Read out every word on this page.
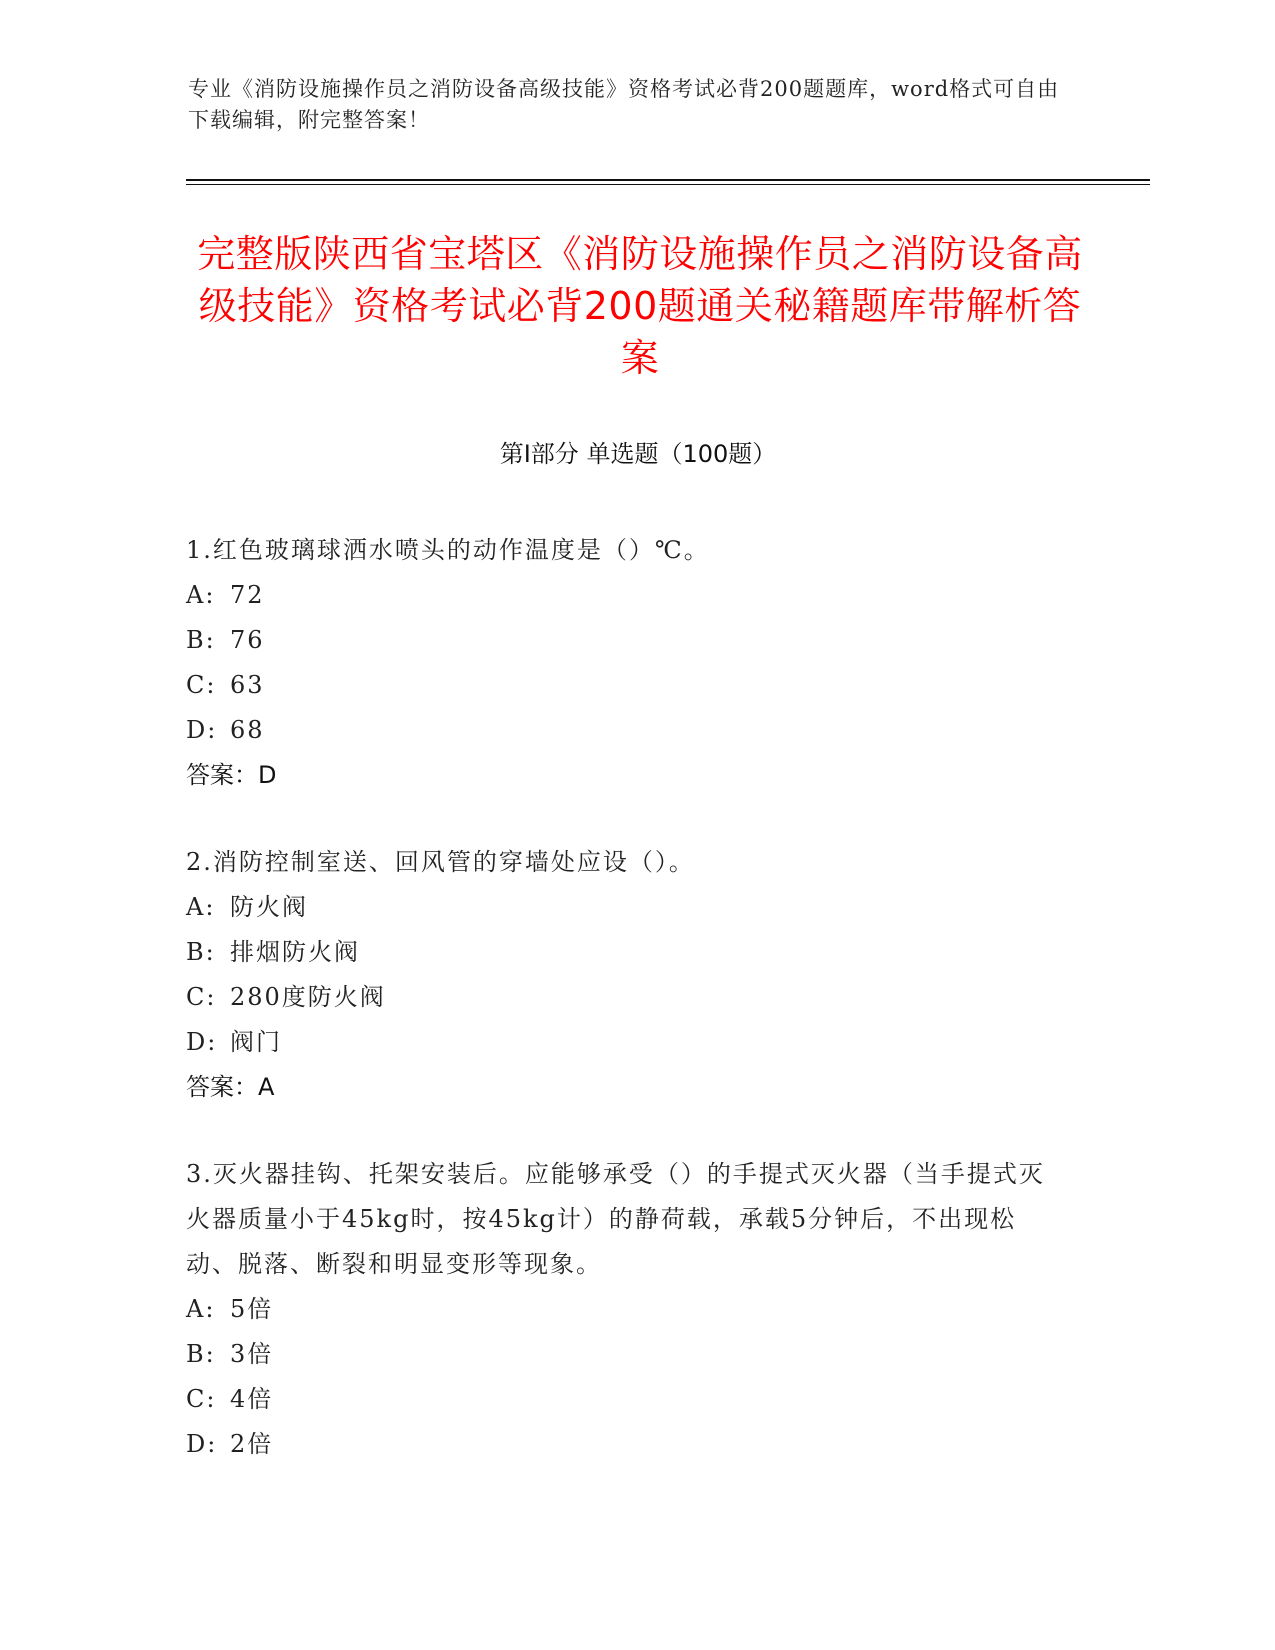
专业《消防设施操作员之消防设备高级技能》资格考试必背200题题库，word格式可自由下载编辑，附完整答案！
完整版陕西省宝塔区《消防设施操作员之消防设备高级技能》资格考试必背200题通关秘籍题库带解析答案
第Ⅰ部分 单选题（100题）

1.红色玻璃球洒水喷头的动作温度是（）℃。

A: 72

B: 76

C: 63

D: 68

答案：D

2.消防控制室送、回风管的穿墙处应设（）。

A: 防火阀

B: 排烟防火阀

C: 280度防火阀

D: 阀门

答案：A

3.灭火器挂钩、托架安装后。应能够承受（）的手提式灭火器（当手提式灭火器质量小于45kg时，按45kg计）的静荷载，承载5分钟后，不出现松动、脱落、断裂和明显变形等现象。

A: 5倍

B: 3倍

C: 4倍

D: 2倍
